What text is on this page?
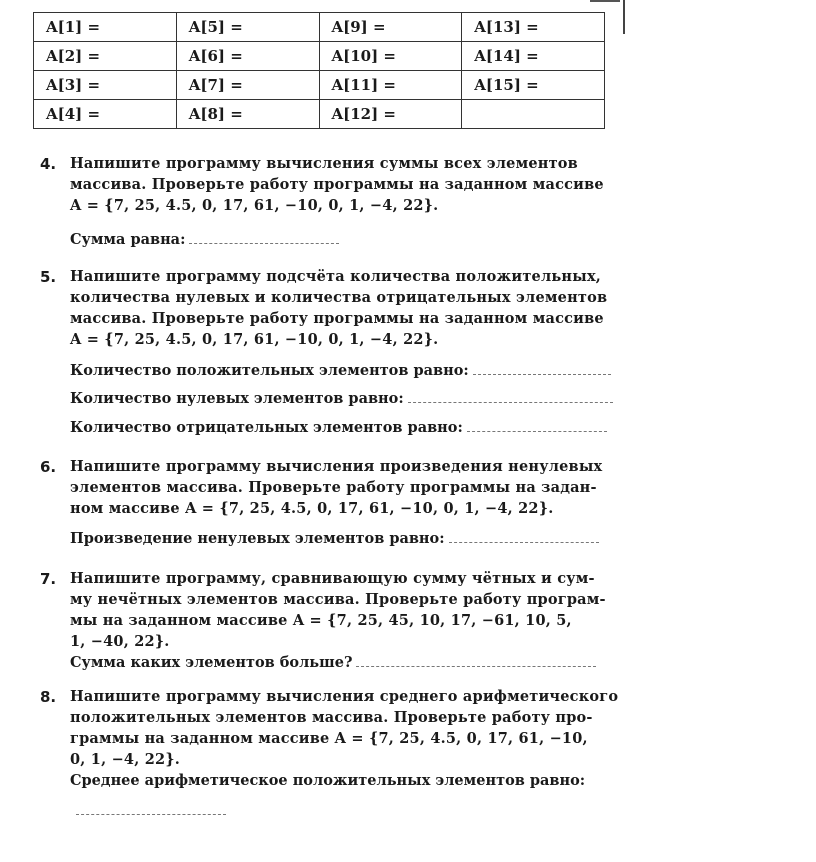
A[1] =	A[5] =	A[9] =	A[13] =
A[2] =	A[6] =	A[10] =	A[14] =
A[3] =	A[7] =	A[11] =	A[15] =
A[4] =	A[8] =	A[12] =	
4. Напишите программу вычисления суммы всех элементов
массива. Проверьте работу программы на заданном массиве
A = {7, 25, 4.5, 0, 17, 61, −10, 0, 1, −4, 22}.
Сумма равна:
5. Напишите программу подсчёта количества положительных,
количества нулевых и количества отрицательных элементов
массива. Проверьте работу программы на заданном массиве
A = {7, 25, 4.5, 0, 17, 61, −10, 0, 1, −4, 22}.
Количество положительных элементов равно:
Количество нулевых элементов равно:
Количество отрицательных элементов равно:
6. Напишите программу вычисления произведения ненулевых
элементов массива. Проверьте работу программы на задан-
ном массиве A = {7, 25, 4.5, 0, 17, 61, −10, 0, 1, −4, 22}.
Произведение ненулевых элементов равно:
7. Напишите программу, сравнивающую сумму чётных и сум-
му нечётных элементов массива. Проверьте работу програм-
мы на заданном массиве A = {7, 25, 45, 10, 17, −61, 10, 5,
1, −40, 22}.
Сумма каких элементов больше?
8. Напишите программу вычисления среднего арифметического
положительных элементов массива. Проверьте работу про-
граммы на заданном массиве A = {7, 25, 4.5, 0, 17, 61, −10,
0, 1, −4, 22}.
Среднее арифметическое положительных элементов равно:
